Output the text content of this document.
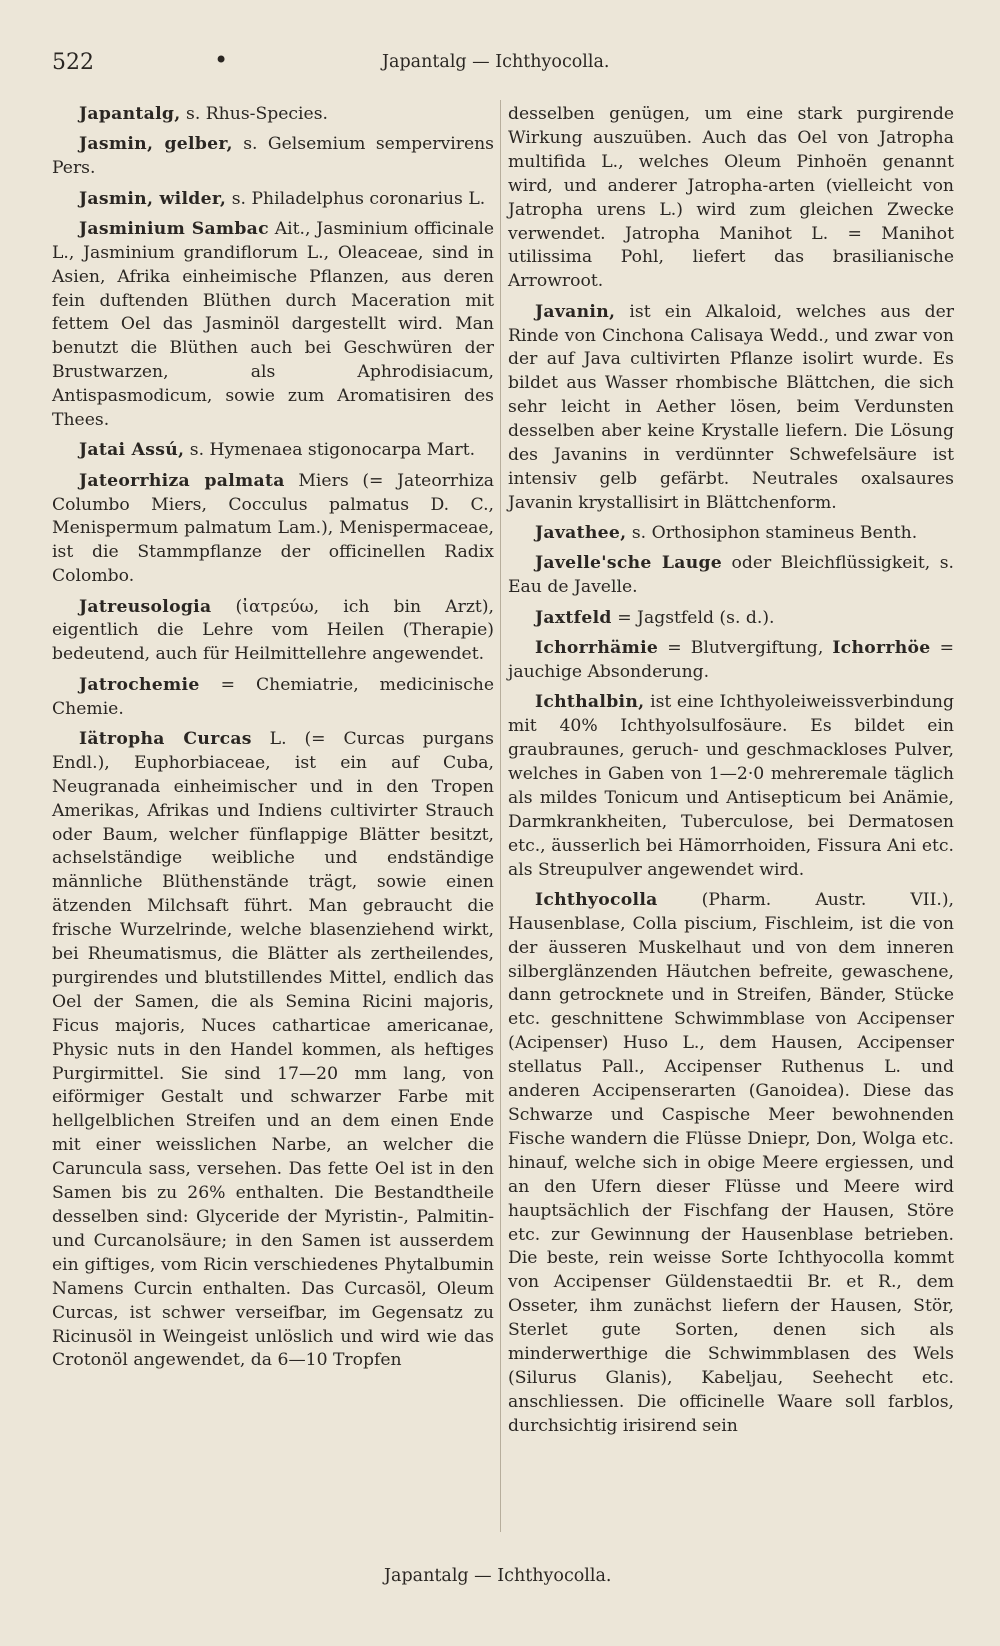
522	•	Japantalg — Ichthyocolla.

Japantalg, s. Rhus-Species.

Jasmin, gelber, s. Gelsemium sempervirens Pers.

Jasmin, wilder, s. Philadelphus coronarius L.

Jasminium Sambac Ait., Jasminium officinale L., Jasminium grandiflorum L., Oleaceae, sind in Asien, Afrika einheimische Pflanzen, aus deren fein duftenden Blüthen durch Maceration mit fettem Oel das Jasminöl dargestellt wird. Man benutzt die Blüthen auch bei Geschwüren der Brustwarzen, als Aphrodisiacum, Antispasmodicum, sowie zum Aromatisiren des Thees.

Jatai Assú, s. Hymenaea stigonocarpa Mart.

Jateorrhiza palmata Miers (= Jateorrhiza Columbo Miers, Cocculus palmatus D. C., Menispermum palmatum Lam.), Menispermaceae, ist die Stammpflanze der officinellen Radix Colombo.

Jatreusologia (ἰατρεύω, ich bin Arzt), eigentlich die Lehre vom Heilen (Therapie) bedeutend, auch für Heilmittellehre angewendet.

Jatrochemie = Chemiatrie, medicinische Chemie.

Iätropha Curcas L. (= Curcas purgans Endl.), Euphorbiaceae, ist ein auf Cuba, Neugranada einheimischer und in den Tropen Amerikas, Afrikas und Indiens cultivirter Strauch oder Baum, welcher fünflappige Blätter besitzt, achselständige weibliche und endständige männliche Blüthenstände trägt, sowie einen ätzenden Milchsaft führt. Man gebraucht die frische Wurzelrinde, welche blasenziehend wirkt, bei Rheumatismus, die Blätter als zertheilendes, purgirendes und blutstillendes Mittel, endlich das Oel der Samen, die als Semina Ricini majoris, Ficus majoris, Nuces catharticae americanae, Physic nuts in den Handel kommen, als heftiges Purgirmittel. Sie sind 17—20 mm lang, von eiförmiger Gestalt und schwarzer Farbe mit hellgelblichen Streifen und an dem einen Ende mit einer weisslichen Narbe, an welcher die Caruncula sass, versehen. Das fette Oel ist in den Samen bis zu 26% enthalten. Die Bestandtheile desselben sind: Glyceride der Myristin-, Palmitin- und Curcanolsäure; in den Samen ist ausserdem ein giftiges, vom Ricin verschiedenes Phytalbumin Namens Curcin enthalten. Das Curcasöl, Oleum Curcas, ist schwer verseifbar, im Gegensatz zu Ricinusöl in Weingeist unlöslich und wird wie das Crotonöl angewendet, da 6—10 Tropfen

desselben genügen, um eine stark purgirende Wirkung auszuüben. Auch das Oel von Jatropha multifida L., welches Oleum Pinhoën genannt wird, und anderer Jatropha-arten (vielleicht von Jatropha urens L.) wird zum gleichen Zwecke verwendet. Jatropha Manihot L. = Manihot utilissima Pohl, liefert das brasilianische Arrowroot.

Javanin, ist ein Alkaloid, welches aus der Rinde von Cinchona Calisaya Wedd., und zwar von der auf Java cultivirten Pflanze isolirt wurde. Es bildet aus Wasser rhombische Blättchen, die sich sehr leicht in Aether lösen, beim Verdunsten desselben aber keine Krystalle liefern. Die Lösung des Javanins in verdünnter Schwefelsäure ist intensiv gelb gefärbt. Neutrales oxalsaures Javanin krystallisirt in Blättchenform.

Javathee, s. Orthosiphon stamineus Benth.

Javelle'sche Lauge oder Bleichflüssigkeit, s. Eau de Javelle.

Jaxtfeld = Jagstfeld (s. d.).

Ichorrhämie = Blutvergiftung, Ichorrhöe = jauchige Absonderung.

Ichthalbin, ist eine Ichthyoleiweissverbindung mit 40% Ichthyolsulfosäure. Es bildet ein graubraunes, geruch- und geschmackloses Pulver, welches in Gaben von 1—2·0 mehreremale täglich als mildes Tonicum und Antisepticum bei Anämie, Darmkrankheiten, Tuberculose, bei Dermatosen etc., äusserlich bei Hämorrhoiden, Fissura Ani etc. als Streupulver angewendet wird.

Ichthyocolla (Pharm. Austr. VII.), Hausenblase, Colla piscium, Fischleim, ist die von der äusseren Muskelhaut und von dem inneren silberglänzenden Häutchen befreite, gewaschene, dann getrocknete und in Streifen, Bänder, Stücke etc. geschnittene Schwimmblase von Accipenser (Acipenser) Huso L., dem Hausen, Accipenser stellatus Pall., Accipenser Ruthenus L. und anderen Accipenserarten (Ganoidea). Diese das Schwarze und Caspische Meer bewohnenden Fische wandern die Flüsse Dniepr, Don, Wolga etc. hinauf, welche sich in obige Meere ergiessen, und an den Ufern dieser Flüsse und Meere wird hauptsächlich der Fischfang der Hausen, Störe etc. zur Gewinnung der Hausenblase betrieben. Die beste, rein weisse Sorte Ichthyocolla kommt von Accipenser Güldenstaedtii Br. et R., dem Osseter, ihm zunächst liefern der Hausen, Stör, Sterlet gute Sorten, denen sich als minderwerthige die Schwimmblasen des Wels (Silurus Glanis), Kabeljau, Seehecht etc. anschliessen. Die officinelle Waare soll farblos, durchsichtig irisirend sein

Japantalg — Ichthyocolla.
